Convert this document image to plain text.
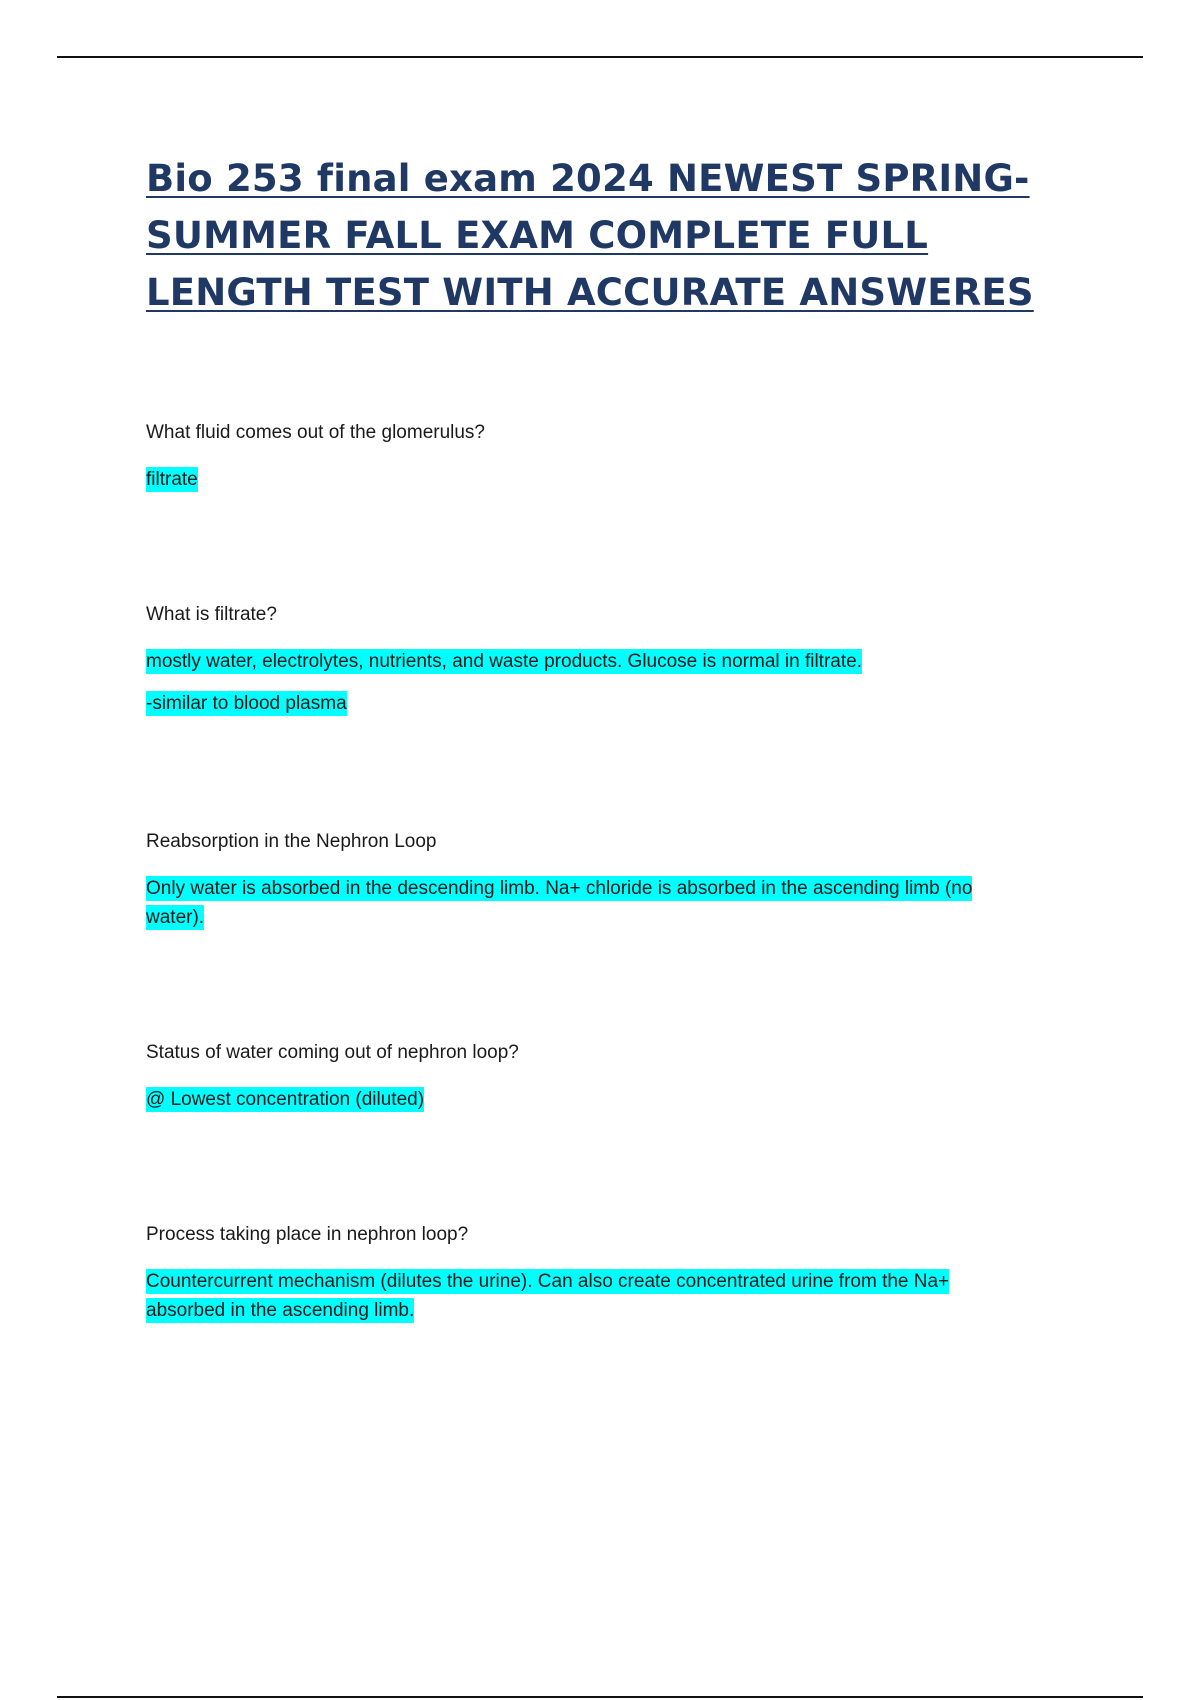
Bio 253 final exam 2024 NEWEST SPRING-SUMMER FALL EXAM COMPLETE FULL LENGTH TEST WITH ACCURATE ANSWERES

What fluid comes out of the glomerulus?

filtrate

What is filtrate?

mostly water, electrolytes, nutrients, and waste products. Glucose is normal in filtrate.

-similar to blood plasma

Reabsorption in the Nephron Loop

Only water is absorbed in the descending limb. Na+ chloride is absorbed in the ascending limb (no water).

Status of water coming out of nephron loop?

@ Lowest concentration (diluted)

Process taking place in nephron loop?

Countercurrent mechanism (dilutes the urine). Can also create concentrated urine from the Na+ absorbed in the ascending limb.
